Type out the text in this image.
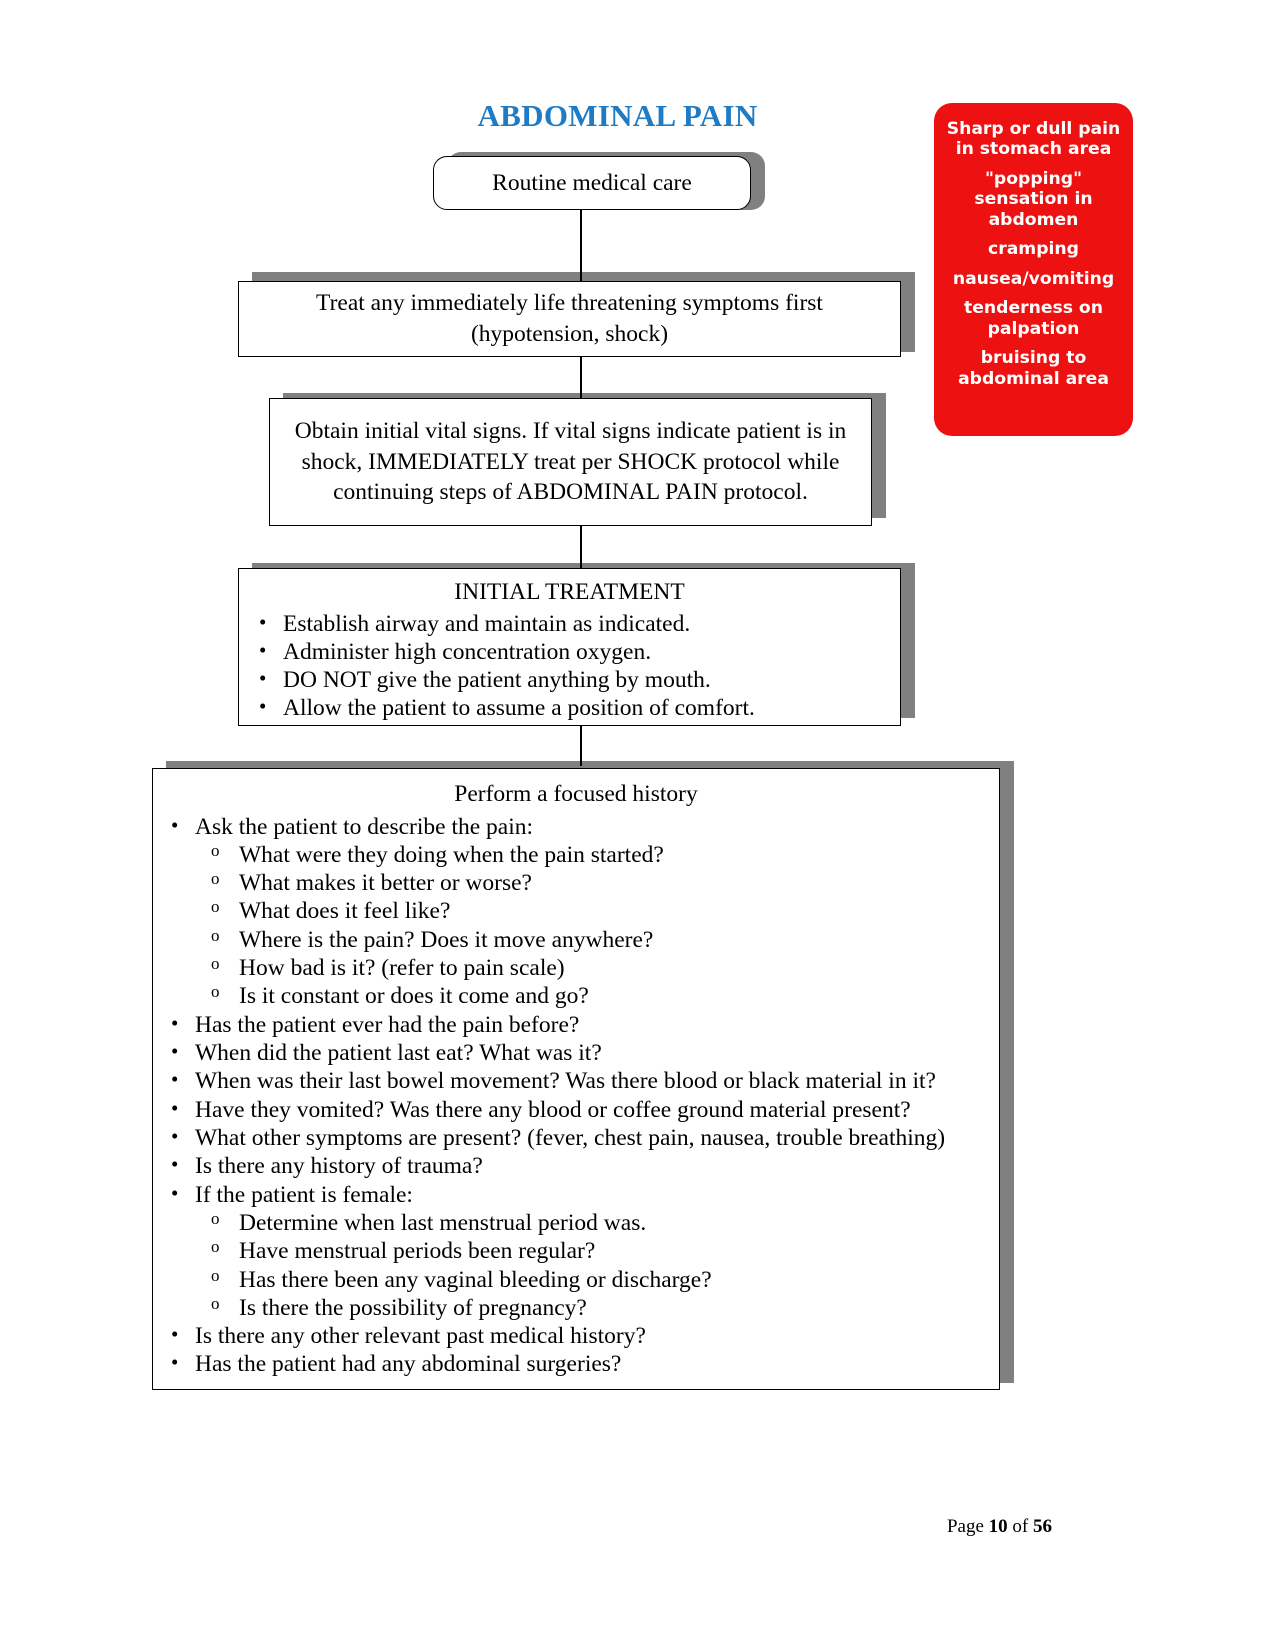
ABDOMINAL PAIN	Sharp or dull pain in stomach area
"popping" sensation in abdomen
cramping
nausea/vomiting
tenderness on palpation
bruising to abdominal area
Routine medical care
Treat any immediately life threatening symptoms first
(hypotension, shock)
Obtain initial vital signs. If vital signs indicate patient is in
shock, IMMEDIATELY treat per SHOCK protocol while
continuing steps of ABDOMINAL PAIN protocol.
INITIAL TREATMENT
• Establish airway and maintain as indicated.
• Administer high concentration oxygen.
• DO NOT give the patient anything by mouth.
• Allow the patient to assume a position of comfort.
Perform a focused history
• Ask the patient to describe the pain:
o What were they doing when the pain started?
o What makes it better or worse?
o What does it feel like?
o Where is the pain? Does it move anywhere?
o How bad is it? (refer to pain scale)
o Is it constant or does it come and go?
• Has the patient ever had the pain before?
• When did the patient last eat? What was it?
• When was their last bowel movement? Was there blood or black material in it?
• Have they vomited? Was there any blood or coffee ground material present?
• What other symptoms are present? (fever, chest pain, nausea, trouble breathing)
• Is there any history of trauma?
• If the patient is female:
o Determine when last menstrual period was.
o Have menstrual periods been regular?
o Has there been any vaginal bleeding or discharge?
o Is there the possibility of pregnancy?
• Is there any other relevant past medical history?
• Has the patient had any abdominal surgeries?
Page 10 of 56
